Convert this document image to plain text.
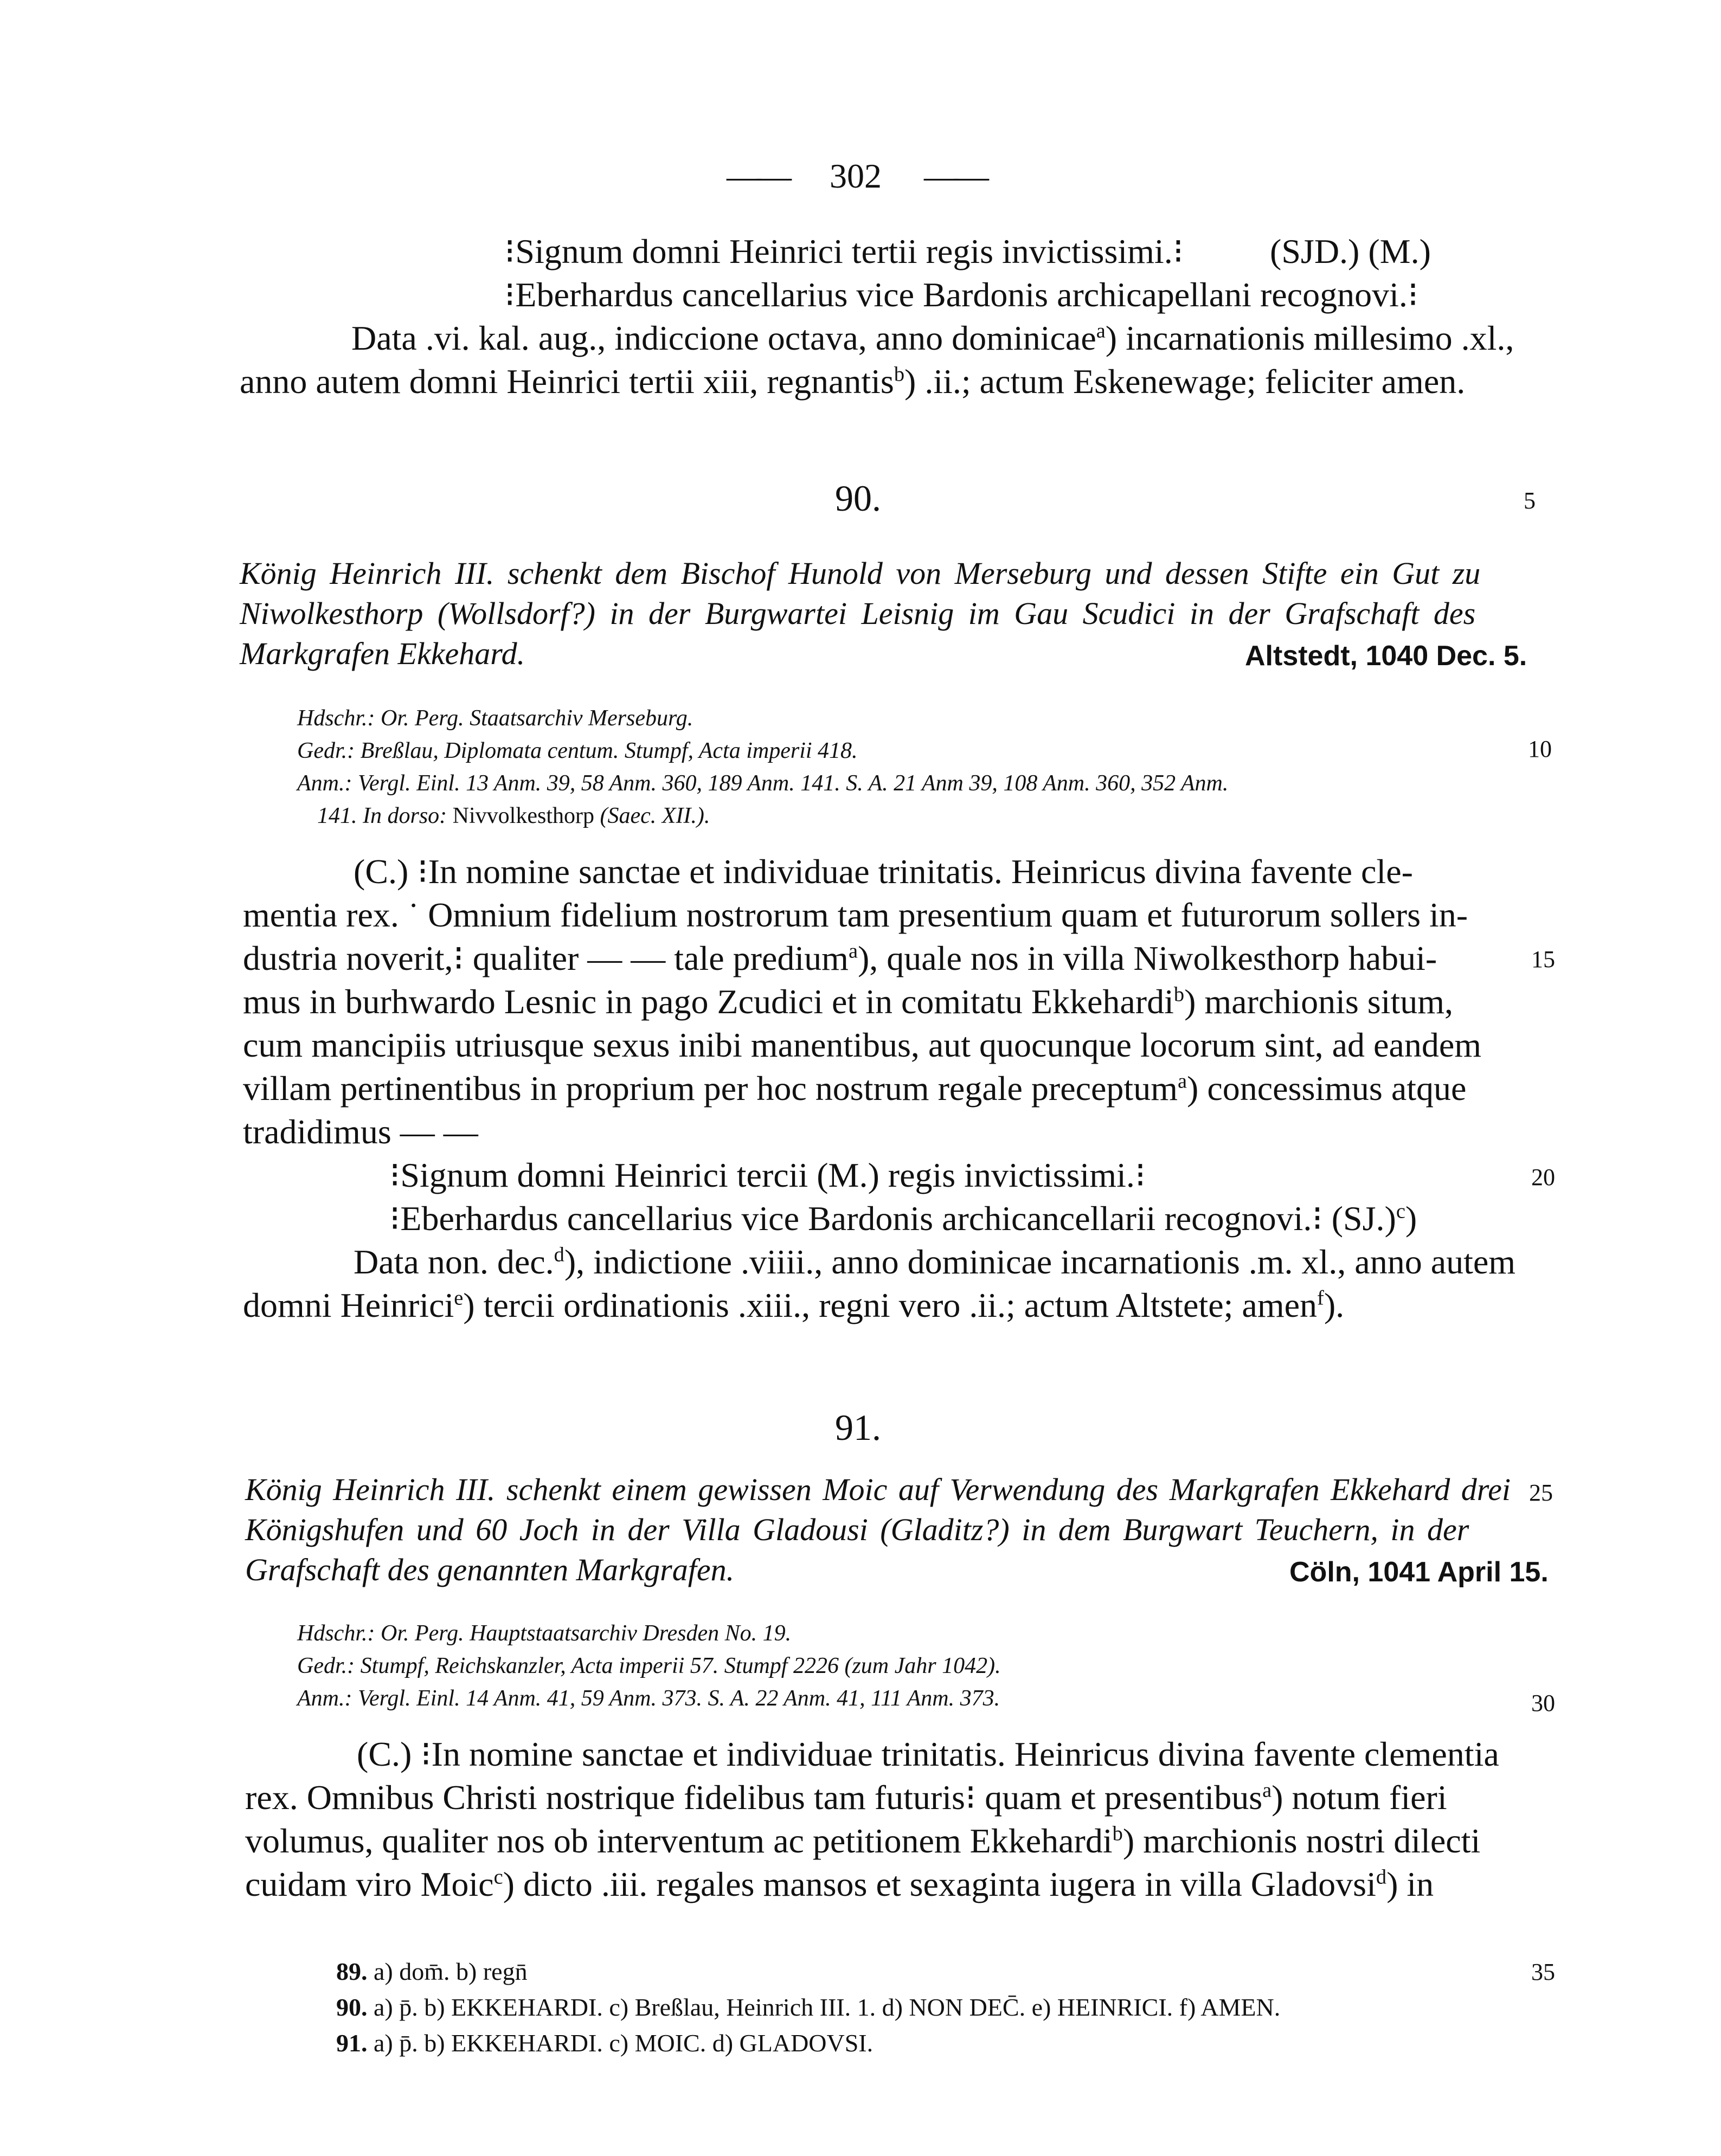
—— 302 ——
⁝Signum domni Heinrici tertii regis invictissimi.⁝ (SJD.) (M.)
⁝Eberhardus cancellarius vice Bardonis archicapellani recognovi.⁝
Data .vi. kal. aug., indiccione octava, anno dominicae$^a$) incarnationis millesimo .xl.,
anno autem domni Heinrici tertii xiii, regnantis$^b$) .ii.; actum Eskenewage; feliciter amen.
90.	5
König Heinrich III. schenkt dem Bischof Hunold von Merseburg und dessen Stifte ein Gut zu
Niwolkesthorp (Wollsdorf?) in der Burgwartei Leisnig im Gau Scudici in der Grafschaft des
Markgrafen Ekkehard.	Altstedt, 1040 Dec. 5.
Hdschr.: Or. Perg. Staatsarchiv Merseburg.
Gedr.: Breßlau, Diplomata centum. Stumpf, Acta imperii 418.	10
Anm.: Vergl. Einl. 13 Anm. 39, 58 Anm. 360, 189 Anm. 141. S. A. 21 Anm 39, 108 Anm. 360, 352 Anm.
141. In dorso: Nivvolkesthorp (Saec. XII.).
(C.) ⁝In nomine sanctae et individuae trinitatis. Heinricus divina favente cle-
mentia rex. ˙ Omnium fidelium nostrorum tam presentium quam et futurorum sollers in-
dustria noverit,⁝ qualiter — — tale predium$^a$), quale nos in villa Niwolkesthorp habui-	15
mus in burhwardo Lesnic in pago Zcudici et in comitatu Ekkehardi$^b$) marchionis situm,
cum mancipiis utriusque sexus inibi manentibus, aut quocunque locorum sint, ad eandem
villam pertinentibus in proprium per hoc nostrum regale preceptum$^a$) concessimus atque
tradidimus — —
⁝Signum domni Heinrici tercii (M.) regis invictissimi.⁝	20
⁝Eberhardus cancellarius vice Bardonis archicancellarii recognovi.⁝ $(SJ.)^c$)
Data non. dec.$^d$), indictione .viiii., anno dominicae incarnationis .m. xl., anno autem
domni Heinrici$^e$) tercii ordinationis .xiii., regni vero .ii.; actum Altstete; amen$^f$).
91.
König Heinrich III. schenkt einem gewissen Moic auf Verwendung des Markgrafen Ekkehard drei 25
Königshufen und 60 Joch in der Villa Gladousi (Gladitz?) in dem Burgwart Teuchern, in der
Grafschaft des genannten Markgrafen.	Cöln, 1041 April 15.
Hdschr.: Or. Perg. Hauptstaatsarchiv Dresden No. 19.
Gedr.: Stumpf, Reichskanzler, Acta imperii 57. Stumpf 2226 (zum Jahr 1042).
Anm.: Vergl. Einl. 14 Anm. 41, 59 Anm. 373. S. A. 22 Anm. 41, 111 Anm. 373.	30
(C.) ⁝In nomine sanctae et individuae trinitatis. Heinricus divina favente clementia
rex. Omnibus Christi nostrique fidelibus tam futuris⁝ quam et presentibus$^a$) notum fieri
volumus, qualiter nos ob interventum ac petitionem Ekkehardi$^b$) marchionis nostri dilecti
cuidam viro Moic$^c$) dicto .iii. regales mansos et sexaginta iugera in villa Gladovsi$^d$) in
89. a) dom̄. b) regn̄	35
90. a) p̄. b) EKKEHARDI. c) Breßlau, Heinrich III. 1. d) NON DEC̄. e) HEINRICI. f) AMEN.
91. a) p̄. b) EKKEHARDI. c) MOIC. d) GLADOVSI.
